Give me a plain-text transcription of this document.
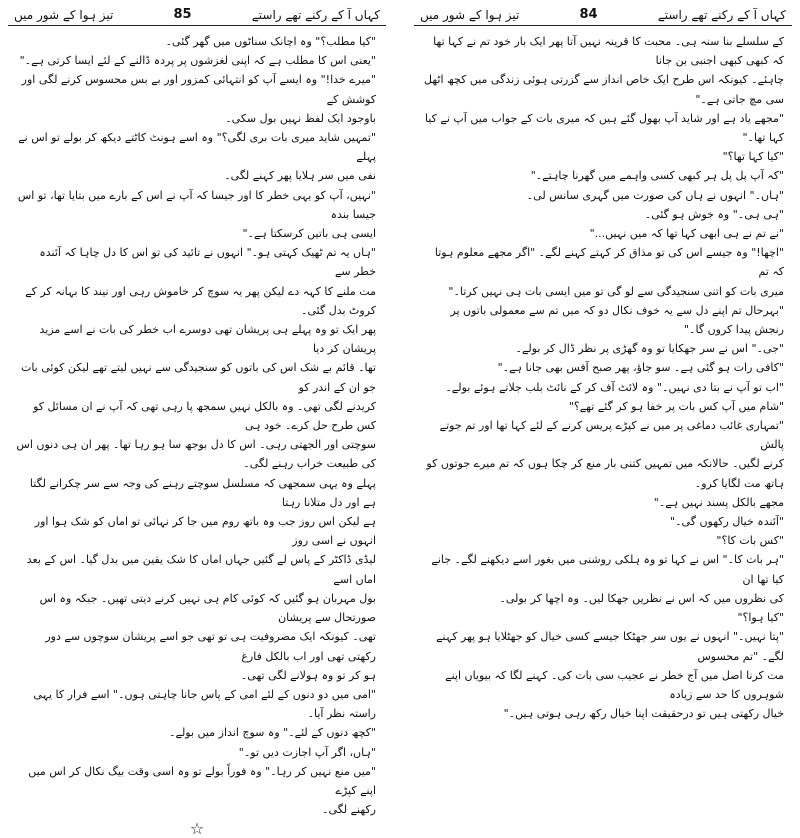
کہاں آ کے رکنے تھے راستے
85
تیز ہوا کے شور میں

"کیا مطلب؟" وہ اچانک سناٹوں میں گھر گئی۔

"یعنی اس کا مطلب ہے کہ اپنی لغزشوں پر پردہ ڈالنے کے لئے ایسا کرتی ہے۔"

"میرے خدا!" وہ ایسے آپ کو انتہائی کمزور اور بے بس محسوس کرنے لگی اور کوشش کے

باوجود ایک لفظ نہیں بول سکی۔

"تمہیں شاید میری بات بری لگی؟" وہ اسے ہونٹ کاٹتے دیکھ کر بولے تو اس نے پہلے

نفی میں سر ہلایا پھر کہنے لگی۔

"نہیں، آپ کو یہی خطر کا اور جیسا کہ آپ نے اس کے بارے میں بتایا تھا، تو اس جیسا بندہ

ایسی ہی باتیں کرسکتا ہے۔"

"ہاں یہ تم ٹھیک کہتی ہو۔" انہوں نے تائید کی تو اس کا دل چاہا کہ آئندہ خطر سے

مت ملنے کا کہہ دے لیکن پھر یہ سوچ کر خاموش رہی اور نیند کا بہانہ کر کے کروٹ بدل گئی۔

پھر ایک تو وہ پہلے ہی پریشان تھی دوسرے اب خطر کی بات نے اسے مزید پریشان کر دیا

تھا۔ قائم بے شک اس کی باتوں کو سنجیدگی سے نہیں لیتے تھے لیکن کوئی بات جو ان کے اندر کو

کریدنے لگی تھی۔ وہ بالکل نہیں سمجھ پا رہی تھی کہ آپ نے ان مسائل کو کس طرح حل کرے۔ خود ہی

سوچتی اور الجھتی رہی۔ اس کا دل بوجھ سا ہو رہا تھا۔ پھر ان ہی دنوں اس کی طبیعت خراب رہنے لگی۔

پہلے وہ یہی سمجھی کہ مسلسل سوچتے رہنے کی وجہ سے سر چکرانے لگتا ہے اور دل متلانا رہتا

ہے لیکن اس روز جب وہ باتھ روم میں جا کر نہائی تو اماں کو شک ہوا اور انہوں نے اسی روز

لیڈی ڈاکٹر کے پاس لے گئیں جہاں اماں کا شک یقین میں بدل گیا۔ اس کے بعد اماں اسے

بول مہربان ہو گئیں کہ کوئی کام ہی نہیں کرنے دیتی تھیں۔ جبکہ وہ اس صورتحال سے پریشان

تھی۔ کیونکہ ایک مصروفیت ہی تو تھی جو اسے پریشان سوچوں سے دور رکھتی تھی اور اب بالکل فارغ

ہو کر تو وہ ہولانے لگی تھی۔

"امی میں دو دنوں کے لئے امی کے پاس جانا چاہتی ہوں۔" اسے فرار کا یہی راستہ نظر آیا۔

"کچھ دنوں کے لئے۔" وہ سوچ انداز میں بولے۔

"ہاں، اگر آپ اجازت دیں تو۔"

"میں منع نہیں کر رہا۔" وہ فوراً بولے تو وہ اسی وقت بیگ نکال کر اس میں اپنے کپڑے

رکھنے لگی۔

☆
کہاں آ کے رکنے تھے راستے
84
تیز ہوا کے شور میں

کے سلسلے بنا سنہ ہی۔ محبت کا قرینہ نہیں آتا پھر ایک بار خود تم نے کہا تھا کہ کبھی کبھی اجنبی بن جانا

چاہئے۔ کیونکہ اس طرح ایک خاص انداز سے گزرتی ہوئی زندگی میں کچھ اٹھل سی مچ جاتی ہے۔"

"مجھے یاد ہے اور شاید آپ بھول گئے ہیں کہ میری بات کے جواب میں آپ نے کیا کہا تھا۔"

"کیا کہا تھا؟"

"کہ آپ پل پل ہر کبھی کسی واہمے میں گھرنا چاہتے۔"

"ہاں۔" انہوں نے ہاں کی صورت میں گہری سانس لی۔

"ہی ہی۔" وہ خوش ہو گئی۔

"نے تم نے ہی ابھی کہا تھا کہ میں نہیں..."

"اچھا!" وہ جیسے اس کی تو مذاق کر کہتے کہنے لگے۔ "اگر مجھے معلوم ہوتا کہ تم

میری بات کو اتنی سنجیدگی سے لو گی تو میں ایسی بات ہی نہیں کرتا۔"

"بہرحال تم اپنے دل سے یہ خوف نکال دو کہ میں تم سے معمولی باتوں پر رنجش پیدا کروں گا۔"

"جی۔" اس نے سر جھکایا تو وہ گھڑی پر نظر ڈال کر بولے۔

"کافی رات ہو گئی ہے۔ سو جاؤ، پھر صبح آفس بھی جانا ہے۔"

"اب تو آپ نے بتا دی نہیں۔" وہ لائٹ آف کر کے نائٹ بلب جلاتے ہوئے بولے۔

"شام میں آپ کس بات پر خفا ہو کر گئے تھے؟"

"تمہاری غائب دماغی پر میں نے کپڑے پریس کرنے کے لئے کہا تھا اور تم جوتے پالش

کرنے لگیں۔ حالانکہ میں تمہیں کتنی بار منع کر چکا ہوں کہ تم میرے جوتوں کو ہاتھ مت لگایا کرو۔

مجھے بالکل پسند نہیں ہے۔"

"آئندہ خیال رکھوں گی۔"

"کس بات کا؟"

"ہر بات کا۔" اس نے کہا تو وہ ہلکی روشنی میں بغور اسے دیکھنے لگے۔ جانے کیا تھا ان

کی نظروں میں کہ اس نے نظریں جھکا لیں۔ وہ اچھا کر بولی۔

"کیا ہوا؟"

"پتا نہیں۔" انہوں نے یوں سر جھٹکا جیسے کسی خیال کو جھٹلایا ہو پھر کہنے لگے۔ "تم محسوس

مت کرنا اصل میں آج خطر نے عجیب سی بات کی۔ کہنے لگا کہ بیویاں اپنے شوہروں کا حد سے زیادہ

خیال رکھتی ہیں تو درحقیقت اپنا خیال رکھ رہی ہوتی ہیں۔"
